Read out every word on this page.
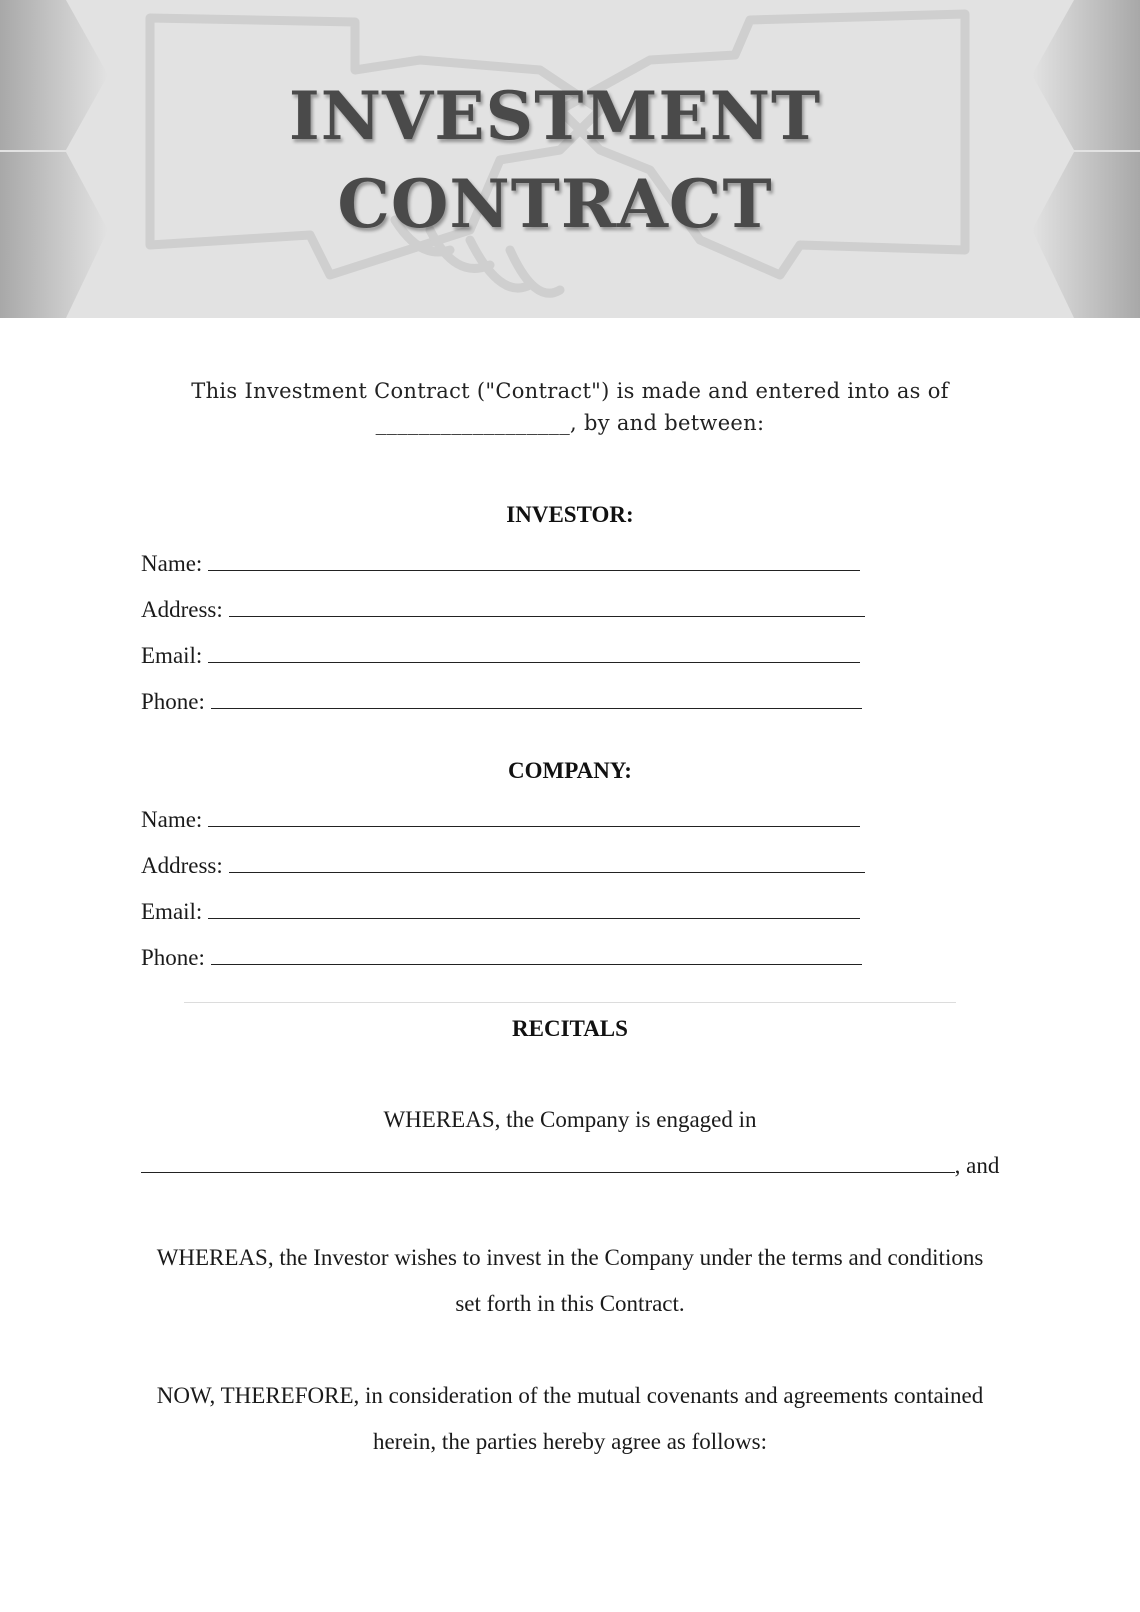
INVESTMENT
CONTRACT
This Investment Contract ("Contract") is made and entered into as of
__________________, by and between:
INVESTOR:
Name:
Address:
Email:
Phone:
COMPANY:
Name:
Address:
Email:
Phone:
RECITALS
WHEREAS, the Company is engaged in
, and
WHEREAS, the Investor wishes to invest in the Company under the terms and conditions
set forth in this Contract.
NOW, THEREFORE, in consideration of the mutual covenants and agreements contained
herein, the parties hereby agree as follows:
